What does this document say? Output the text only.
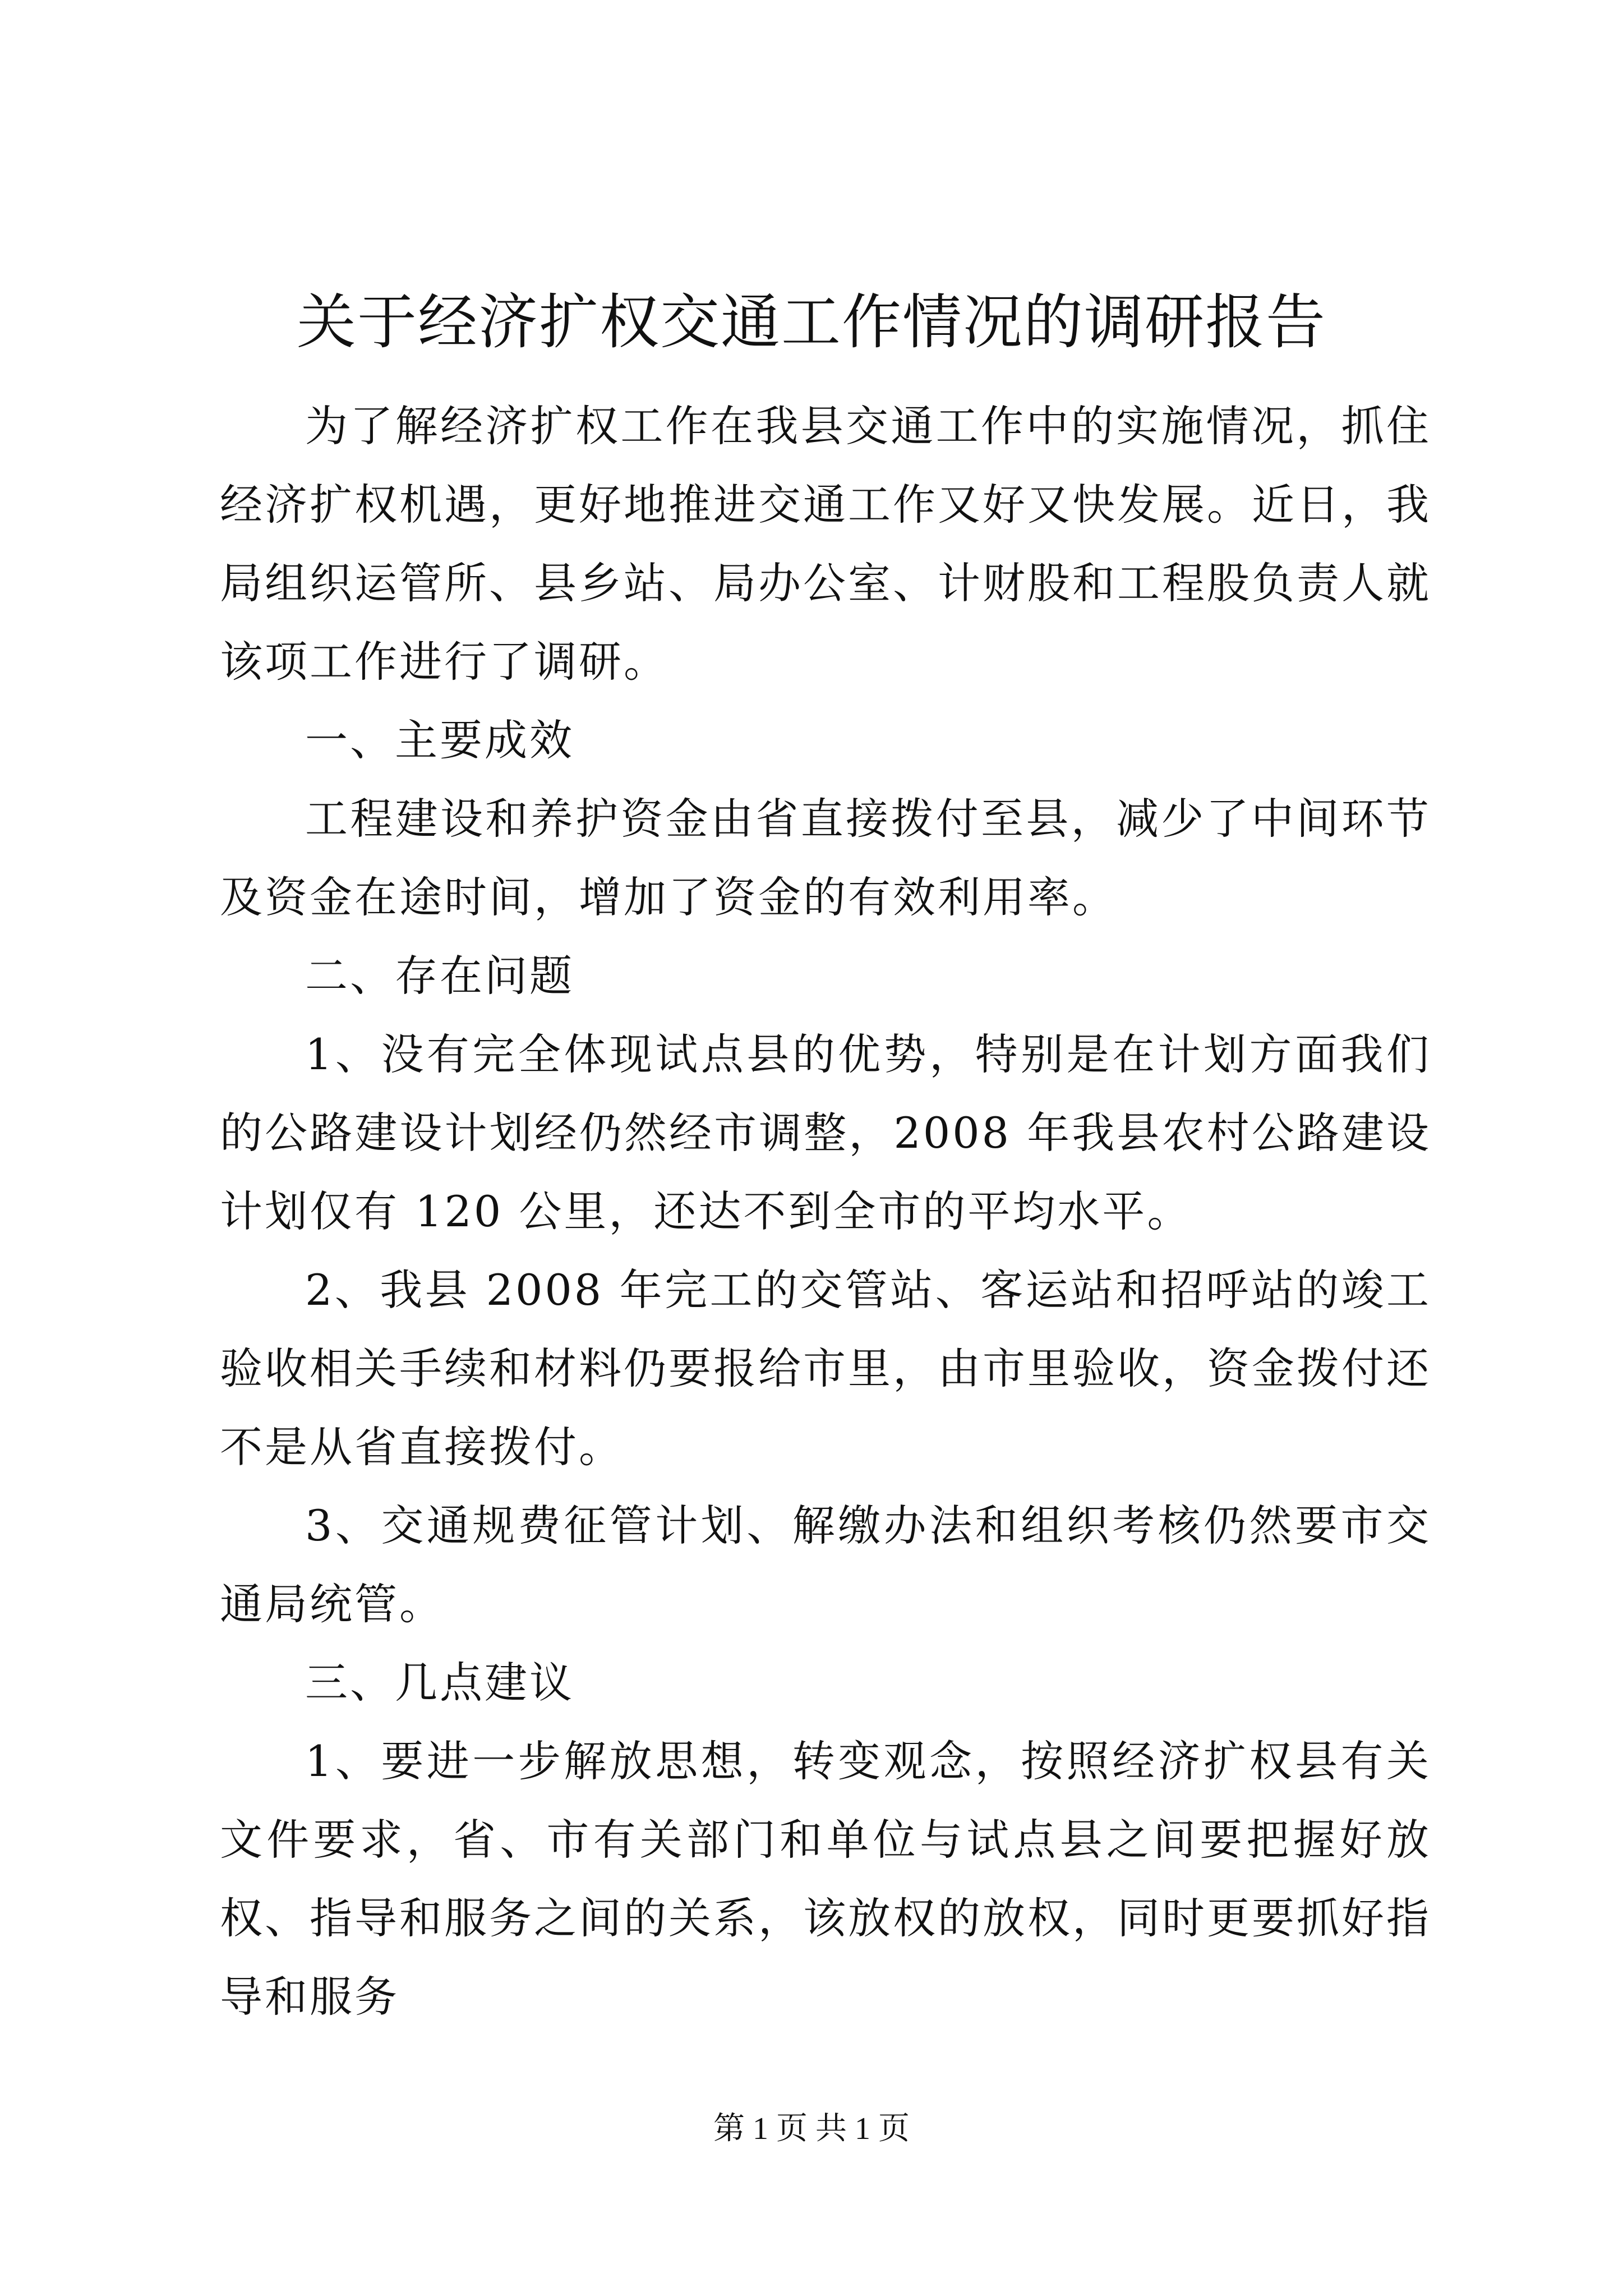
关于经济扩权交通工作情况的调研报告

为了解经济扩权工作在我县交通工作中的实施情况，抓住经济扩权机遇，更好地推进交通工作又好又快发展。近日，我局组织运管所、县乡站、局办公室、计财股和工程股负责人就该项工作进行了调研。

一、主要成效

工程建设和养护资金由省直接拨付至县，减少了中间环节及资金在途时间，增加了资金的有效利用率。

二、存在问题

1、没有完全体现试点县的优势，特别是在计划方面我们的公路建设计划经仍然经市调整，2008 年我县农村公路建设计划仅有 120 公里，还达不到全市的平均水平。

2、我县 2008 年完工的交管站、客运站和招呼站的竣工验收相关手续和材料仍要报给市里，由市里验收，资金拨付还不是从省直接拨付。

3、交通规费征管计划、解缴办法和组织考核仍然要市交通局统管。

三、几点建议

1、要进一步解放思想，转变观念，按照经济扩权县有关文件要求，省、市有关部门和单位与试点县之间要把握好放权、指导和服务之间的关系，该放权的放权，同时更要抓好指导和服务

第 1 页 共 1 页
